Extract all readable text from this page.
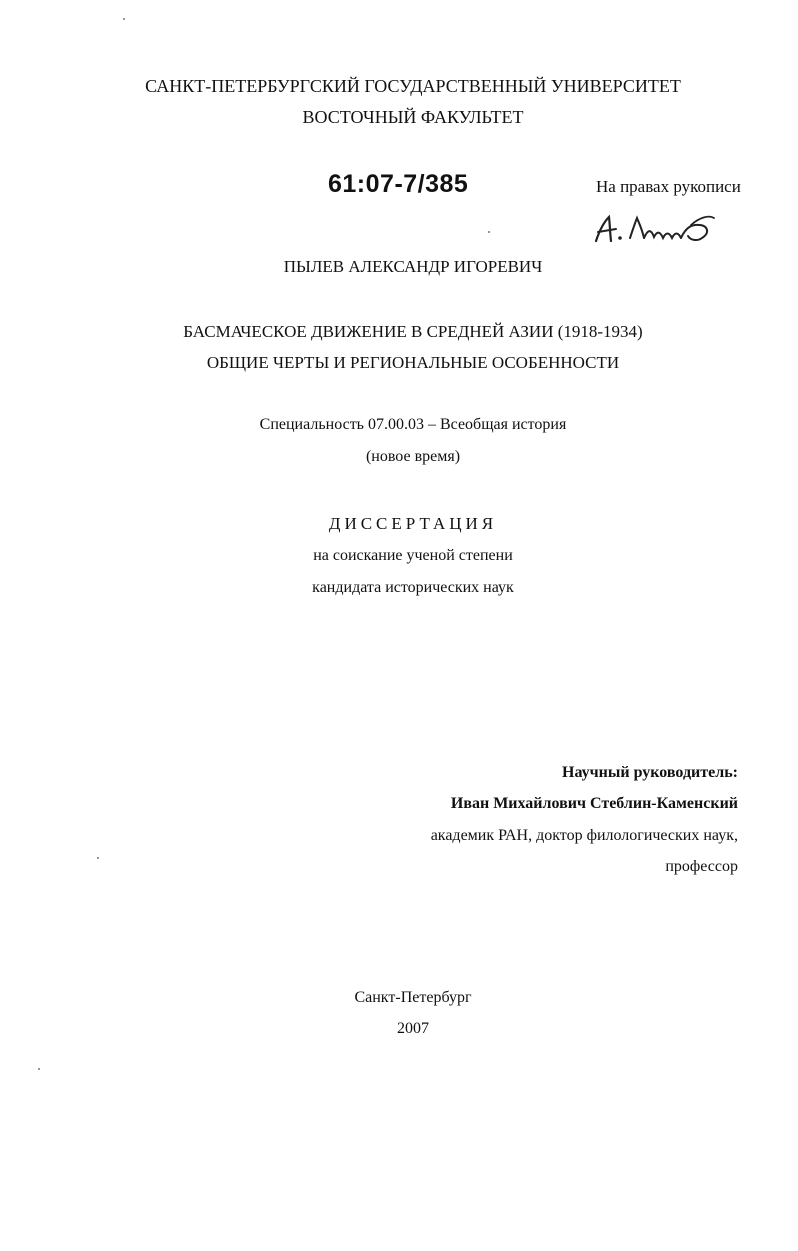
САНКТ-ПЕТЕРБУРГСКИЙ ГОСУДАРСТВЕННЫЙ УНИВЕРСИТЕТ
ВОСТОЧНЫЙ ФАКУЛЬТЕТ
61:07-7/385	На правах рукописи
ПЫЛЕВ АЛЕКСАНДР ИГОРЕВИЧ
БАСМАЧЕСКОЕ ДВИЖЕНИЕ В СРЕДНЕЙ АЗИИ (1918-1934)
ОБЩИЕ ЧЕРТЫ И РЕГИОНАЛЬНЫЕ ОСОБЕННОСТИ
Специальность 07.00.03 – Всеобщая история
(новое время)
ДИССЕРТАЦИЯ
на соискание ученой степени
кандидата исторических наук
Научный руководитель:
Иван Михайлович Стеблин-Каменский
академик РАН, доктор филологических наук,
профессор
Санкт-Петербург
2007
